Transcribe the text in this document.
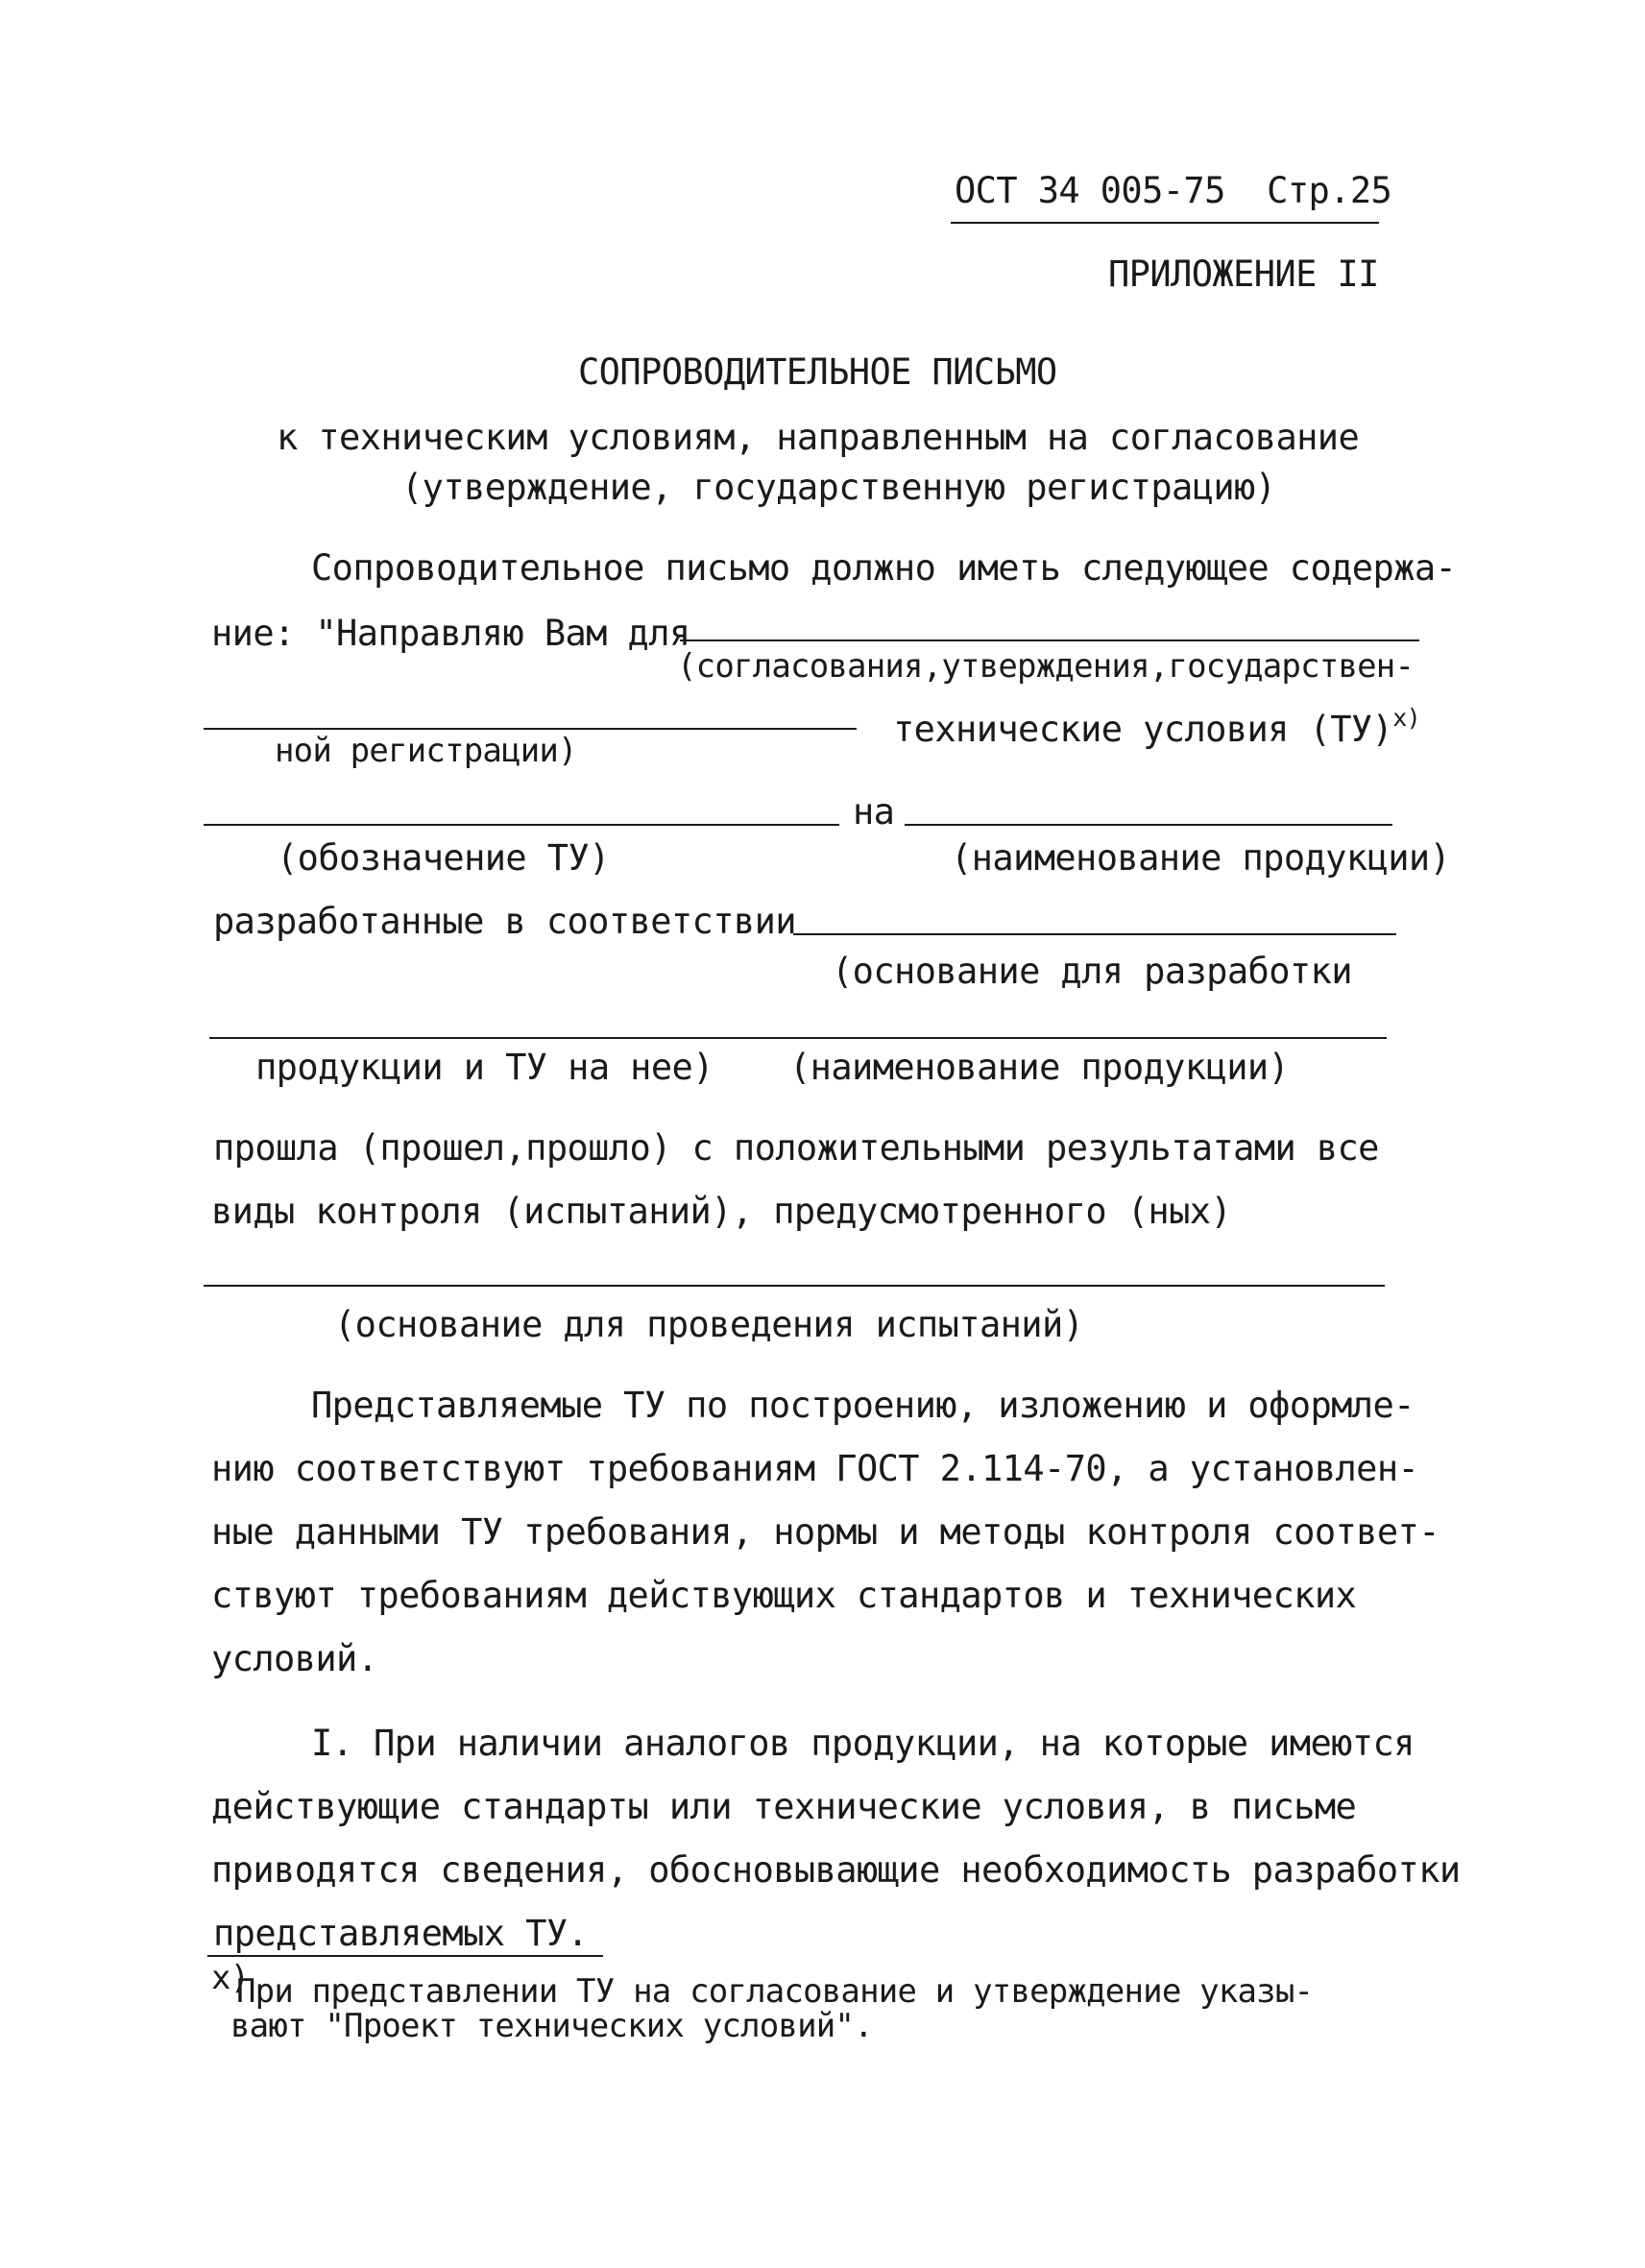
ОСТ 34 005-75  Стр.25
ПРИЛОЖЕНИЕ II
СОПРОВОДИТЕЛЬНОЕ ПИСЬМО
к техническим условиям, направленным на согласование
(утверждение, государственную регистрацию)
Сопроводительное письмо должно иметь следующее содержа-
ние: "Направляю Вам для
(согласования,утверждения,государствен-
ной регистрации)
технические условия (ТУ)$^{x)}$
на
(обозначение ТУ)	(наименование продукции)
разработанные в соответствии
(основание для разработки
продукции и ТУ на нее) (наименование продукции)
прошла (прошел,прошло) с положительными результатами все
виды контроля (испытаний), предусмотренного (ных)
(основание для проведения испытаний)
Представляемые ТУ по построению, изложению и оформле-
нию соответствуют требованиям ГОСТ 2.114-70, а установлен-
ные данными ТУ требования, нормы и методы контроля соответ-
ствуют требованиям действующих стандартов и технических
условий.
I. При наличии аналогов продукции, на которые имеются
действующие стандарты или технические условия, в письме
приводятся сведения, обосновывающие необходимость разработки
представляемых ТУ.
x)
При представлении ТУ на согласование и утверждение указы-
вают "Проект технических условий".
